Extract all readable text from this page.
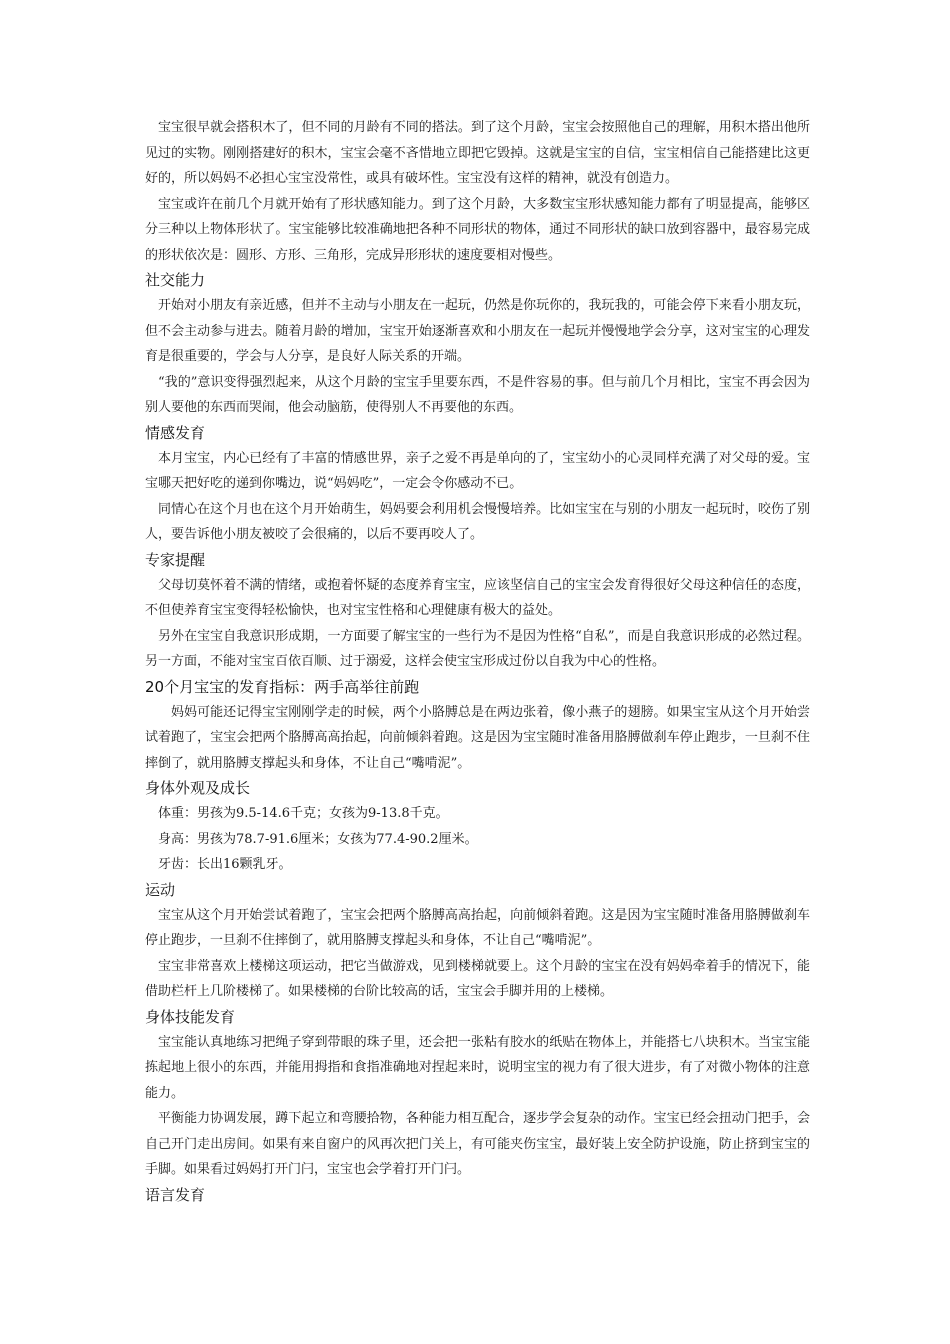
宝宝很早就会搭积木了，但不同的月龄有不同的搭法。到了这个月龄，宝宝会按照他自己的理解，用积木搭出他所见过的实物。刚刚搭建好的积木，宝宝会毫不吝惜地立即把它毁掉。这就是宝宝的自信，宝宝相信自己能搭建比这更好的，所以妈妈不必担心宝宝没常性，或具有破坏性。宝宝没有这样的精神，就没有创造力。

宝宝或许在前几个月就开始有了形状感知能力。到了这个月龄，大多数宝宝形状感知能力都有了明显提高，能够区分三种以上物体形状了。宝宝能够比较准确地把各种不同形状的物体，通过不同形状的缺口放到容器中，最容易完成的形状依次是：圆形、方形、三角形，完成异形形状的速度要相对慢些。

社交能力

开始对小朋友有亲近感，但并不主动与小朋友在一起玩，仍然是你玩你的，我玩我的，可能会停下来看小朋友玩，但不会主动参与进去。随着月龄的增加，宝宝开始逐渐喜欢和小朋友在一起玩并慢慢地学会分享，这对宝宝的心理发育是很重要的，学会与人分享，是良好人际关系的开端。

“我的”意识变得强烈起来，从这个月龄的宝宝手里要东西，不是件容易的事。但与前几个月相比，宝宝不再会因为别人要他的东西而哭闹，他会动脑筋，使得别人不再要他的东西。

情感发育

本月宝宝，内心已经有了丰富的情感世界，亲子之爱不再是单向的了，宝宝幼小的心灵同样充满了对父母的爱。宝宝哪天把好吃的递到你嘴边，说“妈妈吃”，一定会令你感动不已。

同情心在这个月也在这个月开始萌生，妈妈要会利用机会慢慢培养。比如宝宝在与别的小朋友一起玩时，咬伤了别人，要告诉他小朋友被咬了会很痛的，以后不要再咬人了。

专家提醒

父母切莫怀着不满的情绪，或抱着怀疑的态度养育宝宝，应该坚信自己的宝宝会发育得很好父母这种信任的态度，不但使养育宝宝变得轻松愉快，也对宝宝性格和心理健康有极大的益处。

另外在宝宝自我意识形成期，一方面要了解宝宝的一些行为不是因为性格“自私”，而是自我意识形成的必然过程。另一方面，不能对宝宝百依百顺、过于溺爱，这样会使宝宝形成过份以自我为中心的性格。

20个月宝宝的发育指标：两手高举往前跑

妈妈可能还记得宝宝刚刚学走的时候，两个小胳膊总是在两边张着，像小燕子的翅膀。如果宝宝从这个月开始尝试着跑了，宝宝会把两个胳膊高高抬起，向前倾斜着跑。这是因为宝宝随时准备用胳膊做刹车停止跑步，一旦刹不住摔倒了，就用胳膊支撑起头和身体，不让自己“嘴啃泥”。

身体外观及成长

体重：男孩为9.5-14.6千克；女孩为9-13.8千克。

身高：男孩为78.7-91.6厘米；女孩为77.4-90.2厘米。

牙齿：长出16颗乳牙。

运动

宝宝从这个月开始尝试着跑了，宝宝会把两个胳膊高高抬起，向前倾斜着跑。这是因为宝宝随时准备用胳膊做刹车停止跑步，一旦刹不住摔倒了，就用胳膊支撑起头和身体，不让自己“嘴啃泥”。

宝宝非常喜欢上楼梯这项运动，把它当做游戏，见到楼梯就要上。这个月龄的宝宝在没有妈妈牵着手的情况下，能借助栏杆上几阶楼梯了。如果楼梯的台阶比较高的话，宝宝会手脚并用的上楼梯。

身体技能发育

宝宝能认真地练习把绳子穿到带眼的珠子里，还会把一张粘有胶水的纸贴在物体上，并能搭七八块积木。当宝宝能拣起地上很小的东西，并能用拇指和食指准确地对捏起来时，说明宝宝的视力有了很大进步，有了对微小物体的注意能力。

平衡能力协调发展，蹲下起立和弯腰拾物，各种能力相互配合，逐步学会复杂的动作。宝宝已经会扭动门把手，会自己开门走出房间。如果有来自窗户的风再次把门关上，有可能夹伤宝宝，最好装上安全防护设施，防止挤到宝宝的手脚。如果看过妈妈打开门闩，宝宝也会学着打开门闩。

语言发育
